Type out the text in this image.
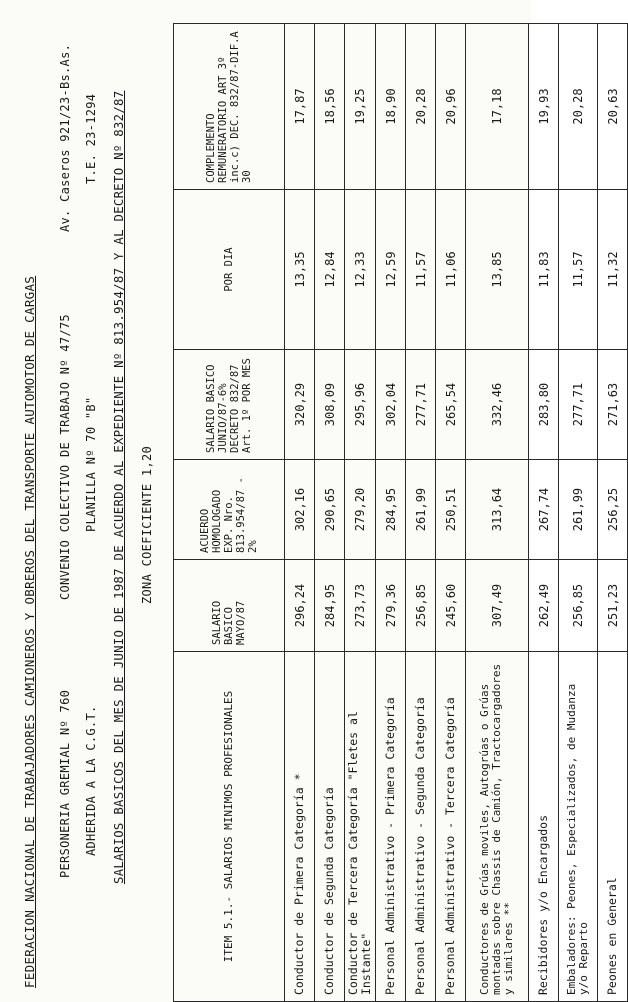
FEDERACION NACIONAL DE TRABAJADORES CAMIONEROS Y OBREROS DEL TRANSPORTE AUTOMOTOR DE CARGAS PERSONERIA GREMIAL Nº 760
CONVENIO COLECTIVO DE TRABAJO Nº 47/75
Av. Caseros 921/23-Bs.As.
ADHERIDA A LA C.G.T.
PLANILLA Nº 70 "B"
T.E. 23-1294 SALARIOS BASICOS DEL MES DE JUNIO DE 1987 DE ACUERDO AL EXPEDIENTE Nº 813.954/87 Y AL DECRETO Nº 832/87 ZONA COEFICIENTE 1,20
ITEM 5.1.- SALARIOS MINIMOS PROFESIONALES	SALARIO BASICO MAYO/87	ACUERDO HOMOLOGADO EXP. Nro. 813.954/87 - 2%	SALARIO BASICO JUNIO/87-6% DECRETO 832/87 Art. 1º POR MES	POR DIA	COMPLEMENTO REMUNERATORIO ART 3º inc.c) DEC. 832/87-DIF.A 30
Conductor de Primera Categoría *	296,24	302,16	320,29	13,35	17,87
Conductor de Segunda Categoría	284,95	290,65	308,09	12,84	18,56
Conductor de Tercera Categoría "Fletes al Instante"	273,73	279,20	295,96	12,33	19,25
Personal Administrativo - Primera Categoría	279,36	284,95	302,04	12,59	18,90
Personal Administrativo - Segunda Categoría	256,85	261,99	277,71	11,57	20,28
Personal Administrativo - Tercera Categoría	245,60	250,51	265,54	11,06	20,96
Conductores de Grúas moviles, Autogrúas o Grúas montadas sobre Chassis de Camión, Tractocargadores y similares **	307,49	313,64	332,46	13,85	17,18
Recibidores y/o Encargados	262,49	267,74	283,80	11,83	19,93
Embaladores: Peones, Especializados, de Mudanza y/o Reparto	256,85	261,99	277,71	11,57	20,28
Peones en General	251,23	256,25	271,63	11,32	20,63
